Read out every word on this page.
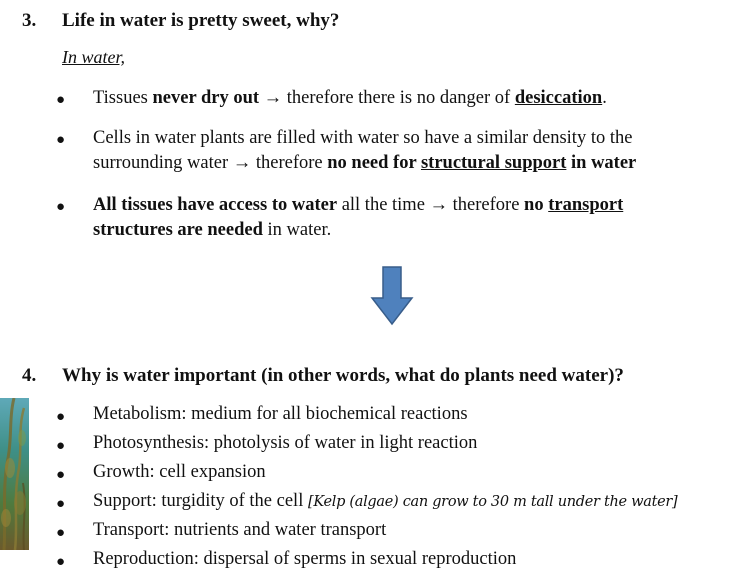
3. Life in water is pretty sweet, why?
In water,
● Tissues never dry out → therefore there is no danger of desiccation.
● Cells in water plants are filled with water so have a similar density to the
surrounding water → therefore no need for structural support in water
● All tissues have access to water all the time → therefore no transport
structures are needed in water.
4. Why is water important (in other words, what do plants need water)?
● Metabolism: medium for all biochemical reactions
● Photosynthesis: photolysis of water in light reaction
● Growth: cell expansion
● Support: turgidity of the cell [Kelp (algae) can grow to 30 m tall under the water]
● Transport: nutrients and water transport
● Reproduction: dispersal of sperms in sexual reproduction
